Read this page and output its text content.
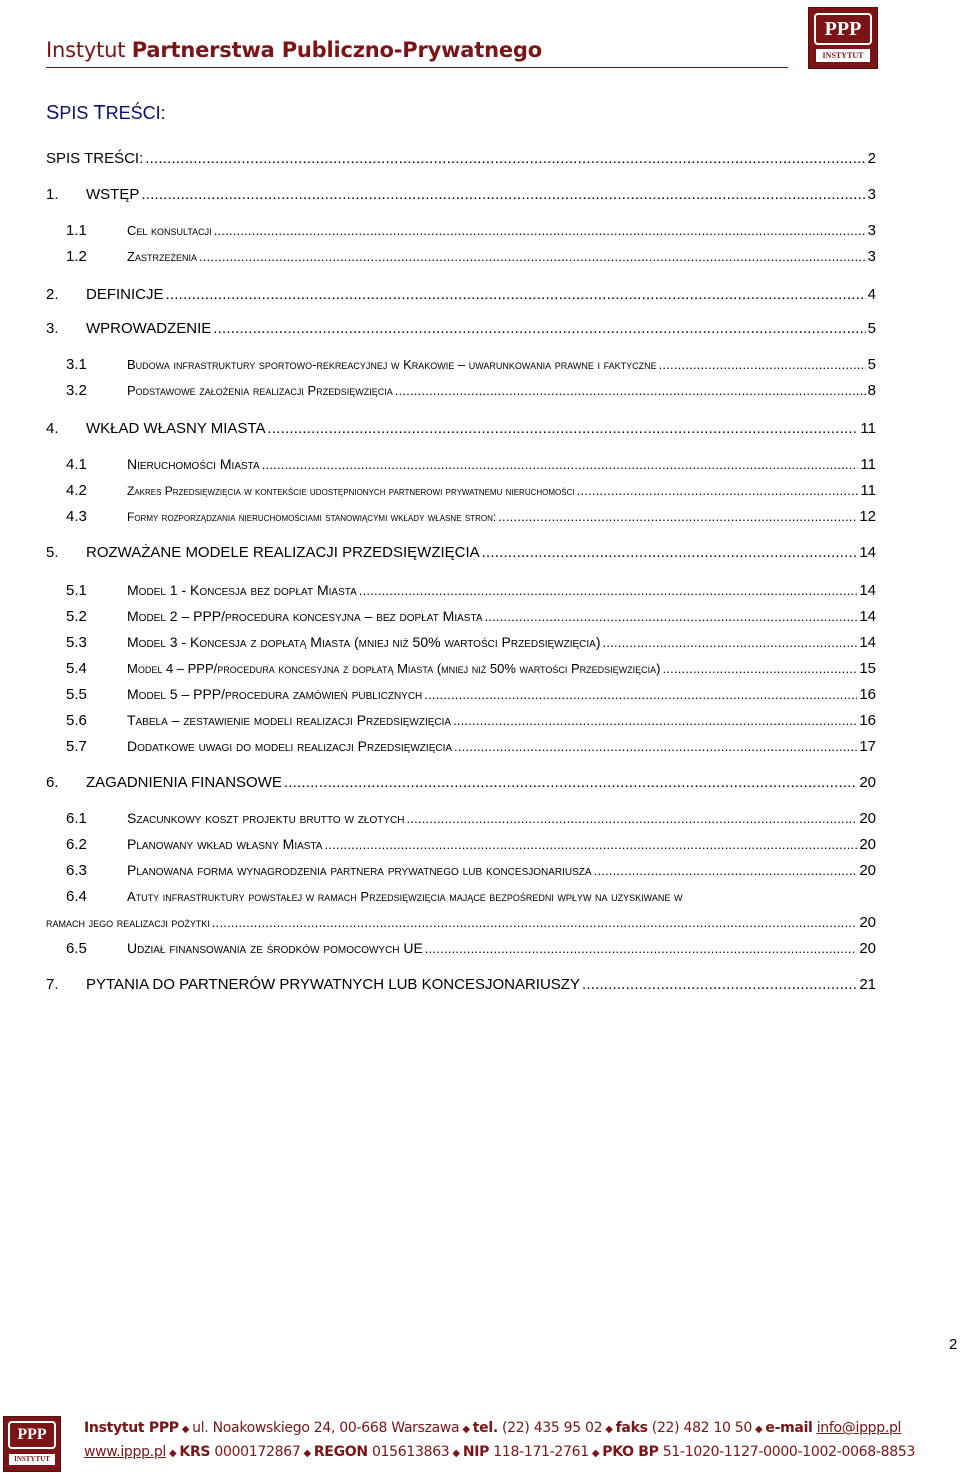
Instytut Partnerstwa Publiczno-Prywatnego
PPP
INSTYTUT
SPIS TREŚCI:
SPIS TREŚCI: .....	2
1.	WSTĘP .....	3
1.1	Cel konsultacji .....	3
1.2	Zastrzeżenia .....	3
2.	DEFINICJE .....	4
3.	WPROWADZENIE .....	5
3.1	Budowa infrastruktury sportowo-rekreacyjnej w Krakowie – uwarunkowania prawne i faktyczne .....	5
3.2	Podstawowe założenia realizacji Przedsięwzięcia .....	8
4.	WKŁAD WŁASNY MIASTA .....	11
4.1	Nieruchomości Miasta .....	11
4.2	Zakres Przedsięwzięcia w kontekście udostępnionych partnerowi prywatnemu nieruchomości .....	11
4.3	Formy rozporządzania nieruchomościami stanowiącymi wkłady własne stron: .....	12
5.	ROZWAŻANE MODELE REALIZACJI PRZEDSIĘWZIĘCIA .....	14
5.1	Model 1 - Koncesja bez dopłat Miasta .....	14
5.2	Model 2 – PPP/procedura koncesyjna – bez dopłat Miasta .....	14
5.3	Model 3 - Koncesja z dopłatą Miasta (mniej niż 50% wartości Przedsięwzięcia) .....	14
5.4	Model 4 – PPP/procedura koncesyjna z dopłatą Miasta (mniej niż 50% wartości Przedsięwzięcia) .....	15
5.5	Model 5 – PPP/procedura zamówień publicznych .....	16
5.6	Tabela – zestawienie modeli realizacji Przedsięwzięcia .....	16
5.7	Dodatkowe uwagi do modeli realizacji Przedsięwzięcia .....	17
6.	ZAGADNIENIA FINANSOWE .....	20
6.1	Szacunkowy koszt projektu brutto w złotych .....	20
6.2	Planowany wkład własny Miasta .....	20
6.3	Planowana forma wynagrodzenia partnera prywatnego lub koncesjonariusza .....	20
6.4	Atuty infrastruktury powstałej w ramach Przedsięwzięcia mające bezpośredni wpływ na uzyskiwane w
ramach jego realizacji pożytki .....	20
6.5	Udział finansowania ze środków pomocowych UE .....	20
7.	PYTANIA DO PARTNERÓW PRYWATNYCH LUB KONCESJONARIUSZY .....	21
2
PPP
INSTYTUT
Instytut PPP ◆ ul. Noakowskiego 24, 00-668 Warszawa ◆ tel. (22) 435 95 02 ◆ faks (22) 482 10 50 ◆ e-mail info@ippp.pl
www.ippp.pl ◆ KRS 0000172867 ◆ REGON 015613863 ◆ NIP 118-171-2761 ◆ PKO BP 51-1020-1127-0000-1002-0068-8853
